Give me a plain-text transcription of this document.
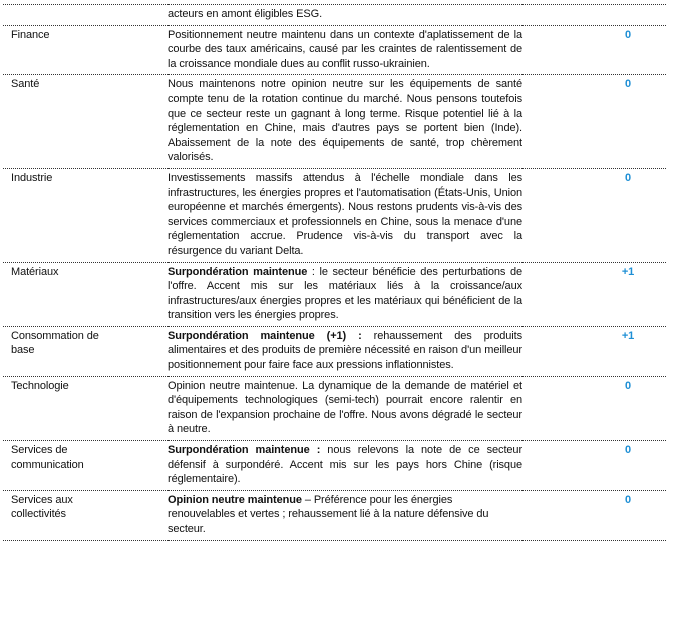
	acteurs en amont éligibles ESG.	
Finance	Positionnement neutre maintenu dans un contexte d'aplatissement de la courbe des taux américains, causé par les craintes de ralentissement de la croissance mondiale dues au conflit russo-ukrainien.	0
Santé	Nous maintenons notre opinion neutre sur les équipements de santé compte tenu de la rotation continue du marché. Nous pensons toutefois que ce secteur reste un gagnant à long terme. Risque potentiel lié à la réglementation en Chine, mais d'autres pays se portent bien (Inde). Abaissement de la note des équipements de santé, trop chèrement valorisés.	0
Industrie	Investissements massifs attendus à l'échelle mondiale dans les infrastructures, les énergies propres et l'automatisation (États-Unis, Union européenne et marchés émergents). Nous restons prudents vis-à-vis des services commerciaux et professionnels en Chine, sous la menace d'une réglementation accrue. Prudence vis-à-vis du transport avec la résurgence du variant Delta.	0
Matériaux	Surpondération maintenue : le secteur bénéficie des perturbations de l'offre. Accent mis sur les matériaux liés à la croissance/aux infrastructures/aux énergies propres et les matériaux qui bénéficient de la transition vers les énergies propres.	+1
Consommation de base	Surpondération maintenue (+1) : rehaussement des produits alimentaires et des produits de première nécessité en raison d'un meilleur positionnement pour faire face aux pressions inflationnistes.	+1
Technologie	Opinion neutre maintenue. La dynamique de la demande de matériel et d'équipements technologiques (semi-tech) pourrait encore ralentir en raison de l'expansion prochaine de l'offre. Nous avons dégradé le secteur à neutre.	0
Services de communication	Surpondération maintenue : nous relevons la note de ce secteur défensif à surpondéré. Accent mis sur les pays hors Chine (risque réglementaire).	0
Services aux collectivités	Opinion neutre maintenue – Préférence pour les énergies renouvelables et vertes ; rehaussement lié à la nature défensive du secteur.	0
